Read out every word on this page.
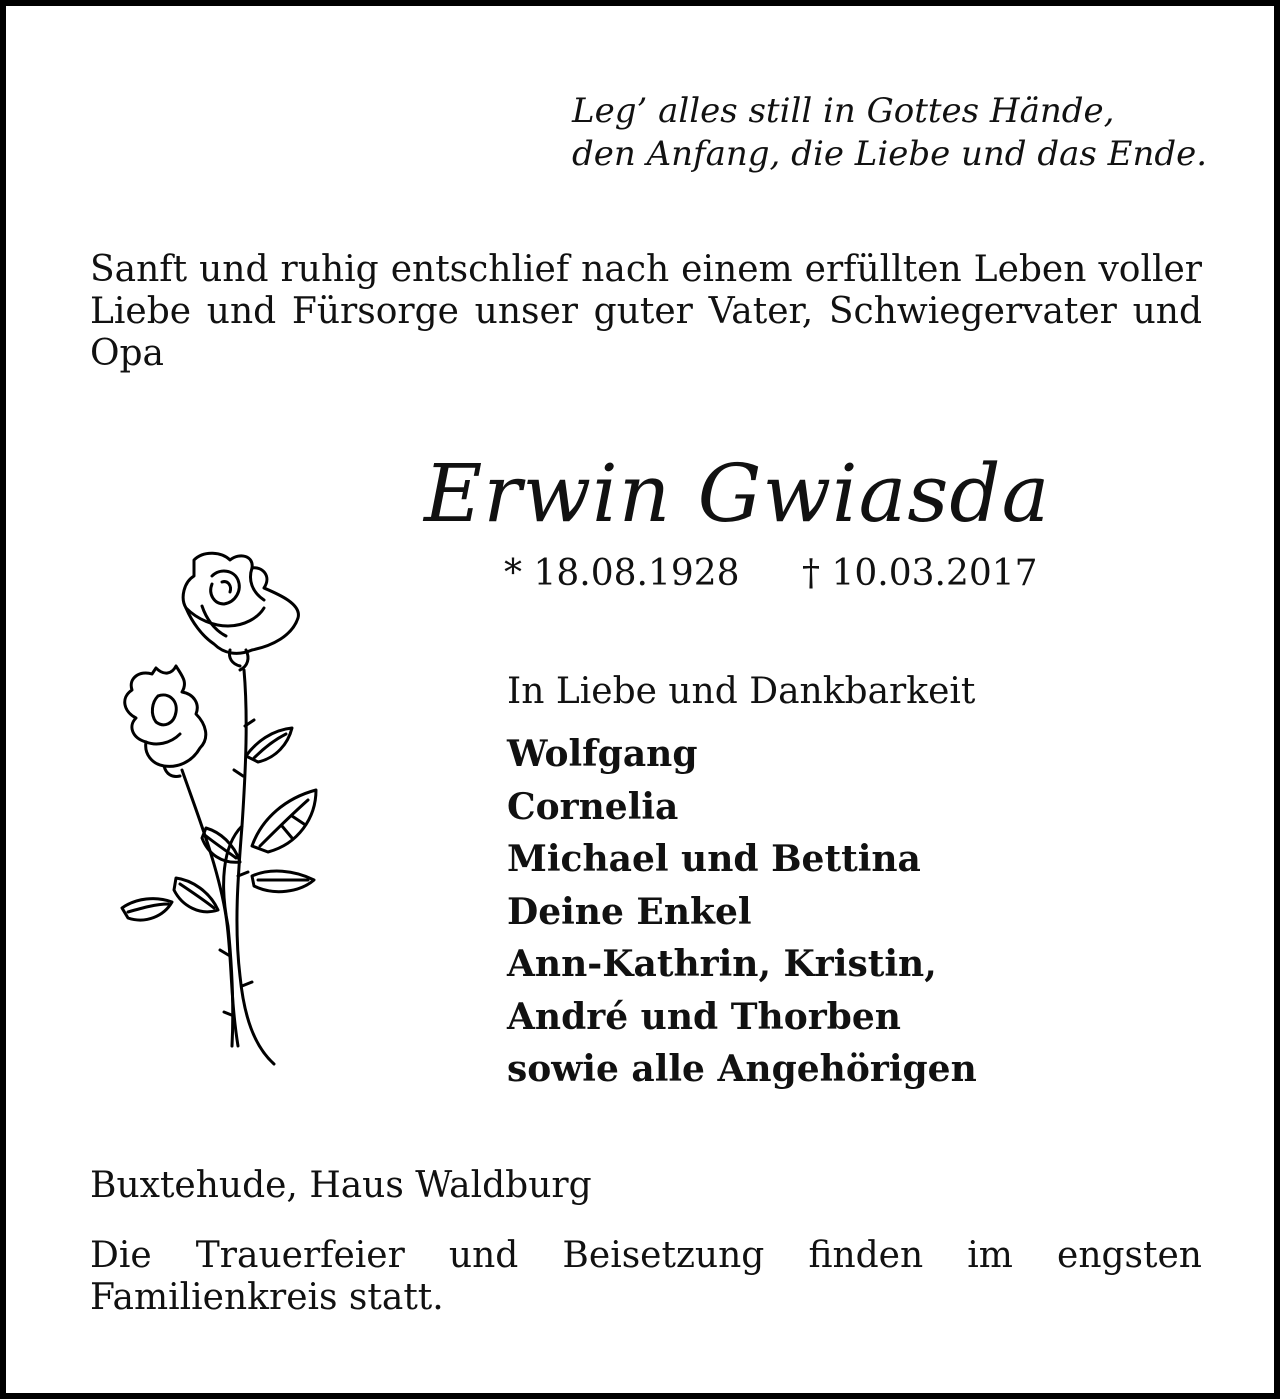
Leg’ alles still in Gottes Hände,
den Anfang, die Liebe und das Ende.
Sanft und ruhig entschlief nach einem erfüllten Leben voller Liebe und Fürsorge unser guter Vater, Schwiegervater und Opa
Erwin Gwiasda
* 18.08.1928 † 10.03.2017
In Liebe und Dankbarkeit
Wolfgang
Cornelia
Michael und Bettina
Deine Enkel
Ann-Kathrin, Kristin,
André und Thorben
sowie alle Angehörigen
Buxtehude, Haus Waldburg
Die Trauerfeier und Beisetzung finden im engsten Familienkreis statt.
